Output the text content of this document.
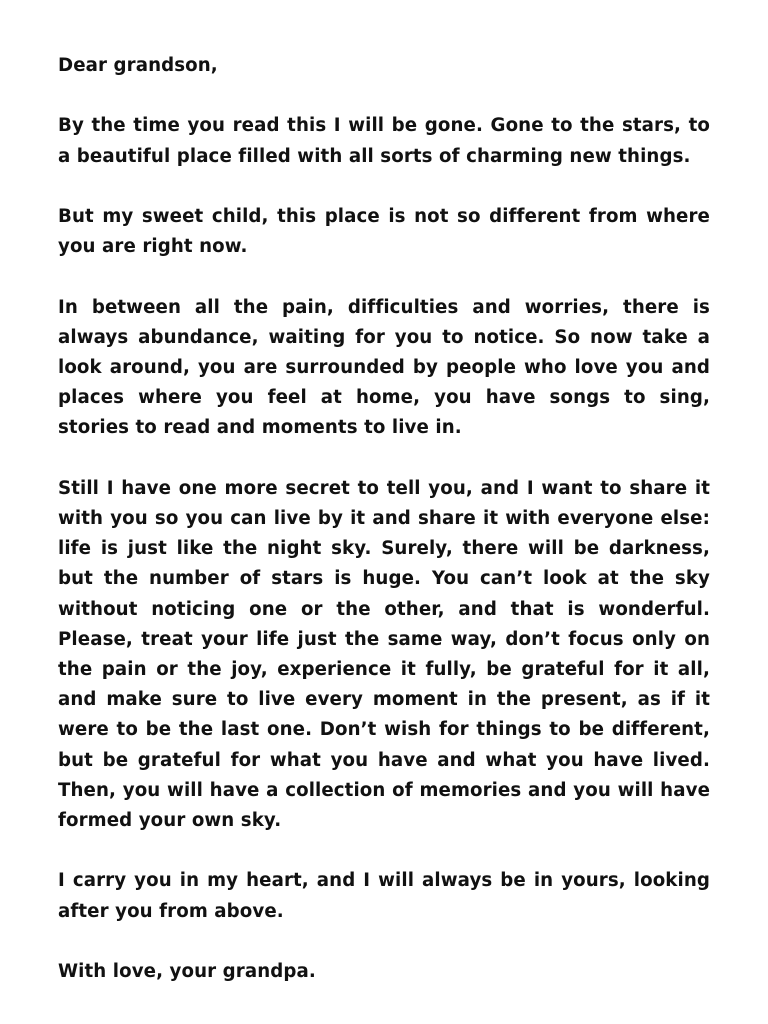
Dear grandson,

By the time you read this I will be gone. Gone to the stars, to a beautiful place filled with all sorts of charming new things.

But my sweet child, this place is not so different from where you are right now.

In between all the pain, difficulties and worries, there is always abundance, waiting for you to notice. So now take a look around, you are surrounded by people who love you and places where you feel at home, you have songs to sing, stories to read and moments to live in.

Still I have one more secret to tell you, and I want to share it with you so you can live by it and share it with everyone else: life is just like the night sky. Surely, there will be darkness, but the number of stars is huge. You can’t look at the sky without noticing one or the other, and that is wonderful. Please, treat your life just the same way, don’t focus only on the pain or the joy, experience it fully, be grateful for it all, and make sure to live every moment in the present, as if it were to be the last one. Don’t wish for things to be different, but be grateful for what you have and what you have lived. Then, you will have a collection of memories and you will have formed your own sky.

I carry you in my heart, and I will always be in yours, looking after you from above.

With love, your grandpa.
